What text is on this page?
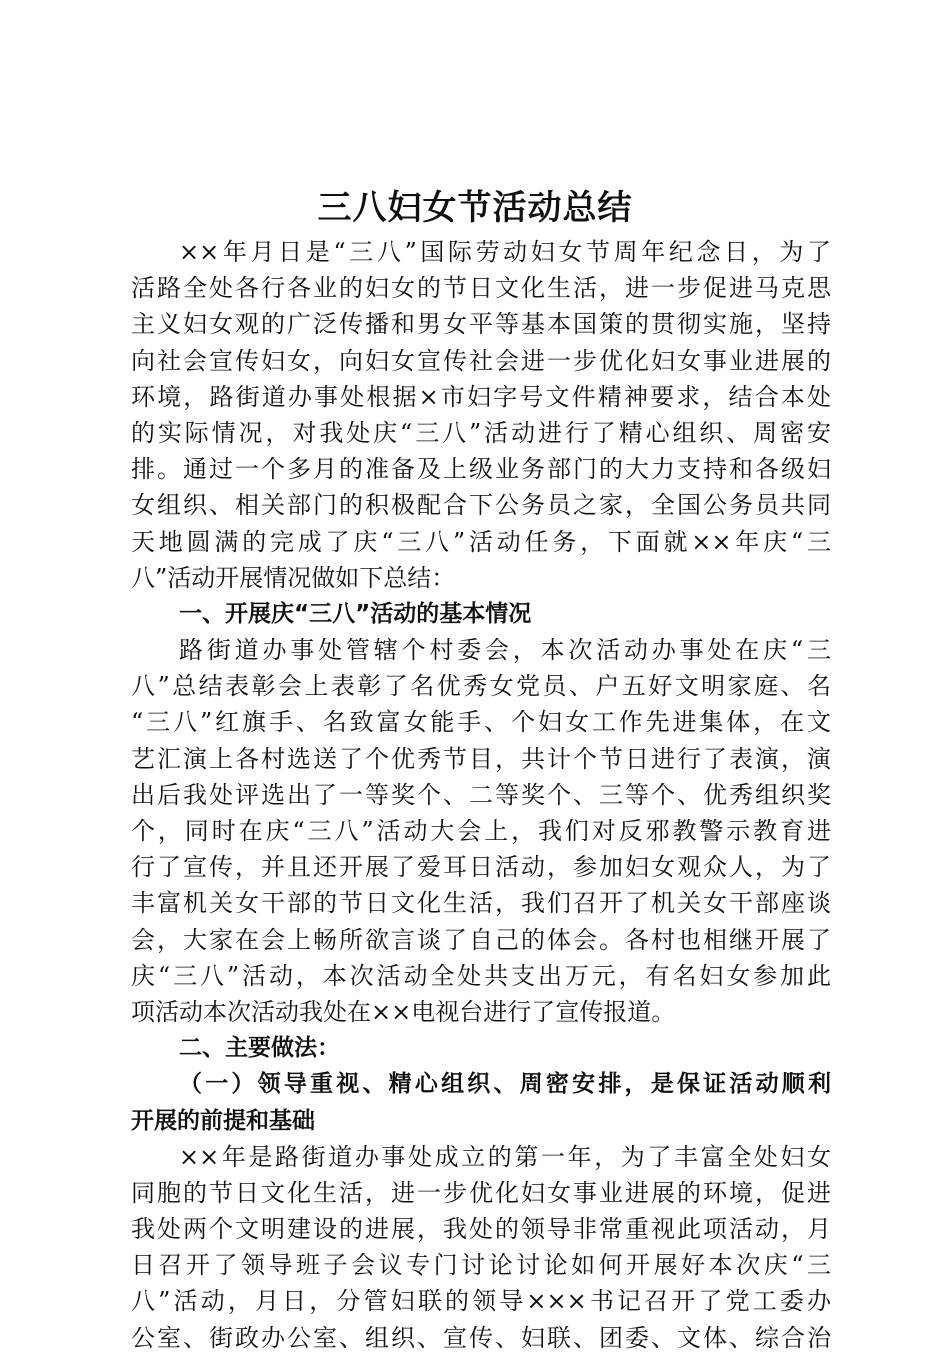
三八妇女节活动总结
××年月日是“三八”国际劳动妇女节周年纪念日，为了
活路全处各行各业的妇女的节日文化生活，进一步促进马克思
主义妇女观的广泛传播和男女平等基本国策的贯彻实施，坚持
向社会宣传妇女，向妇女宣传社会进一步优化妇女事业进展的
环境，路街道办事处根据×市妇字号文件精神要求，结合本处
的实际情况，对我处庆“三八”活动进行了精心组织、周密安
排。通过一个多月的准备及上级业务部门的大力支持和各级妇
女组织、相关部门的积极配合下公务员之家，全国公务员共同
天地圆满的完成了庆“三八”活动任务，下面就××年庆“三
八”活动开展情况做如下总结：
一、开展庆“三八”活动的基本情况
路街道办事处管辖个村委会，本次活动办事处在庆“三
八”总结表彰会上表彰了名优秀女党员、户五好文明家庭、名
“三八”红旗手、名致富女能手、个妇女工作先进集体，在文
艺汇演上各村选送了个优秀节目，共计个节日进行了表演，演
出后我处评选出了一等奖个、二等奖个、三等个、优秀组织奖
个，同时在庆“三八”活动大会上，我们对反邪教警示教育进
行了宣传，并且还开展了爱耳日活动，参加妇女观众人，为了
丰富机关女干部的节日文化生活，我们召开了机关女干部座谈
会，大家在会上畅所欲言谈了自己的体会。各村也相继开展了
庆“三八”活动，本次活动全处共支出万元，有名妇女参加此
项活动本次活动我处在××电视台进行了宣传报道。
二、主要做法：
（一）领导重视、精心组织、周密安排，是保证活动顺利
开展的前提和基础
××年是路街道办事处成立的第一年，为了丰富全处妇女
同胞的节日文化生活，进一步优化妇女事业进展的环境，促进
我处两个文明建设的进展，我处的领导非常重视此项活动，月
日召开了领导班子会议专门讨论讨论如何开展好本次庆“三
八”活动，月日，分管妇联的领导×××书记召开了党工委办
公室、街政办公室、组织、宣传、妇联、团委、文体、综合治
